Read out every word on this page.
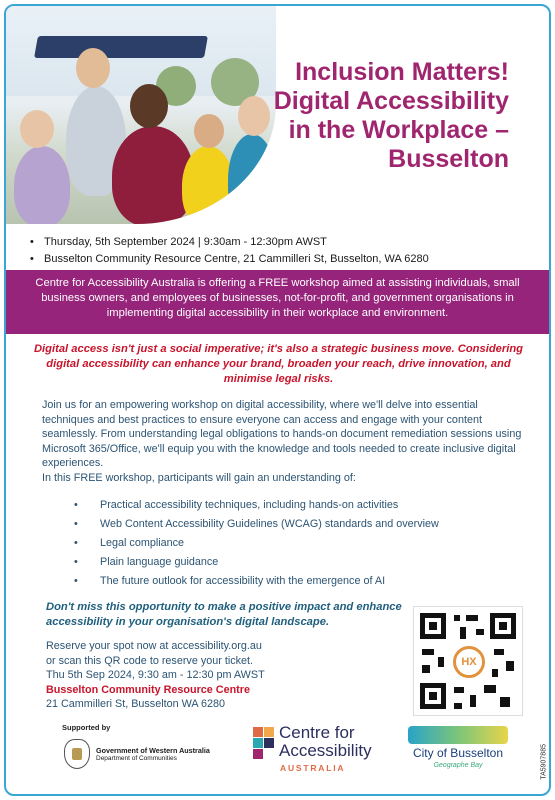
Inclusion Matters! Digital Accessibility in the Workplace – Busselton
• Thursday, 5th September 2024 | 9:30am - 12:30pm AWST
• Busselton Community Resource Centre, 21 Cammilleri St, Busselton, WA 6280
Centre for Accessibility Australia is offering a FREE workshop aimed at assisting individuals, small business owners, and employees of businesses, not-for-profit, and government organisations in implementing digital accessibility in their workplace and environment.

Digital access isn't just a social imperative; it's also a strategic business move. Considering digital accessibility can enhance your brand, broaden your reach, drive innovation, and minimise legal risks.

Join us for an empowering workshop on digital accessibility, where we'll delve into essential techniques and best practices to ensure everyone can access and engage with your content seamlessly. From understanding legal obligations to hands-on document remediation sessions using Microsoft 365/Office, we'll equip you with the knowledge and tools needed to create inclusive digital experiences.

In this FREE workshop, participants will gain an understanding of:

• Practical accessibility techniques, including hands-on activities
• Web Content Accessibility Guidelines (WCAG) standards and overview
• Legal compliance
• Plain language guidance
• The future outlook for accessibility with the emergence of AI

Don't miss this opportunity to make a positive impact and enhance accessibility in your organisation's digital landscape.

Reserve your spot now at accessibility.org.au
or scan this QR code to reserve your ticket.
Thu 5th Sep 2024, 9:30 am - 12:30 pm AWST
Busselton Community Resource Centre
21 Cammilleri St, Busselton WA 6280
HX
Supported by
Government of Western Australia
Department of Communities
Centre for
Accessibility
AUSTRALIA
City of Busselton
Geographe Bay	TA5907885
